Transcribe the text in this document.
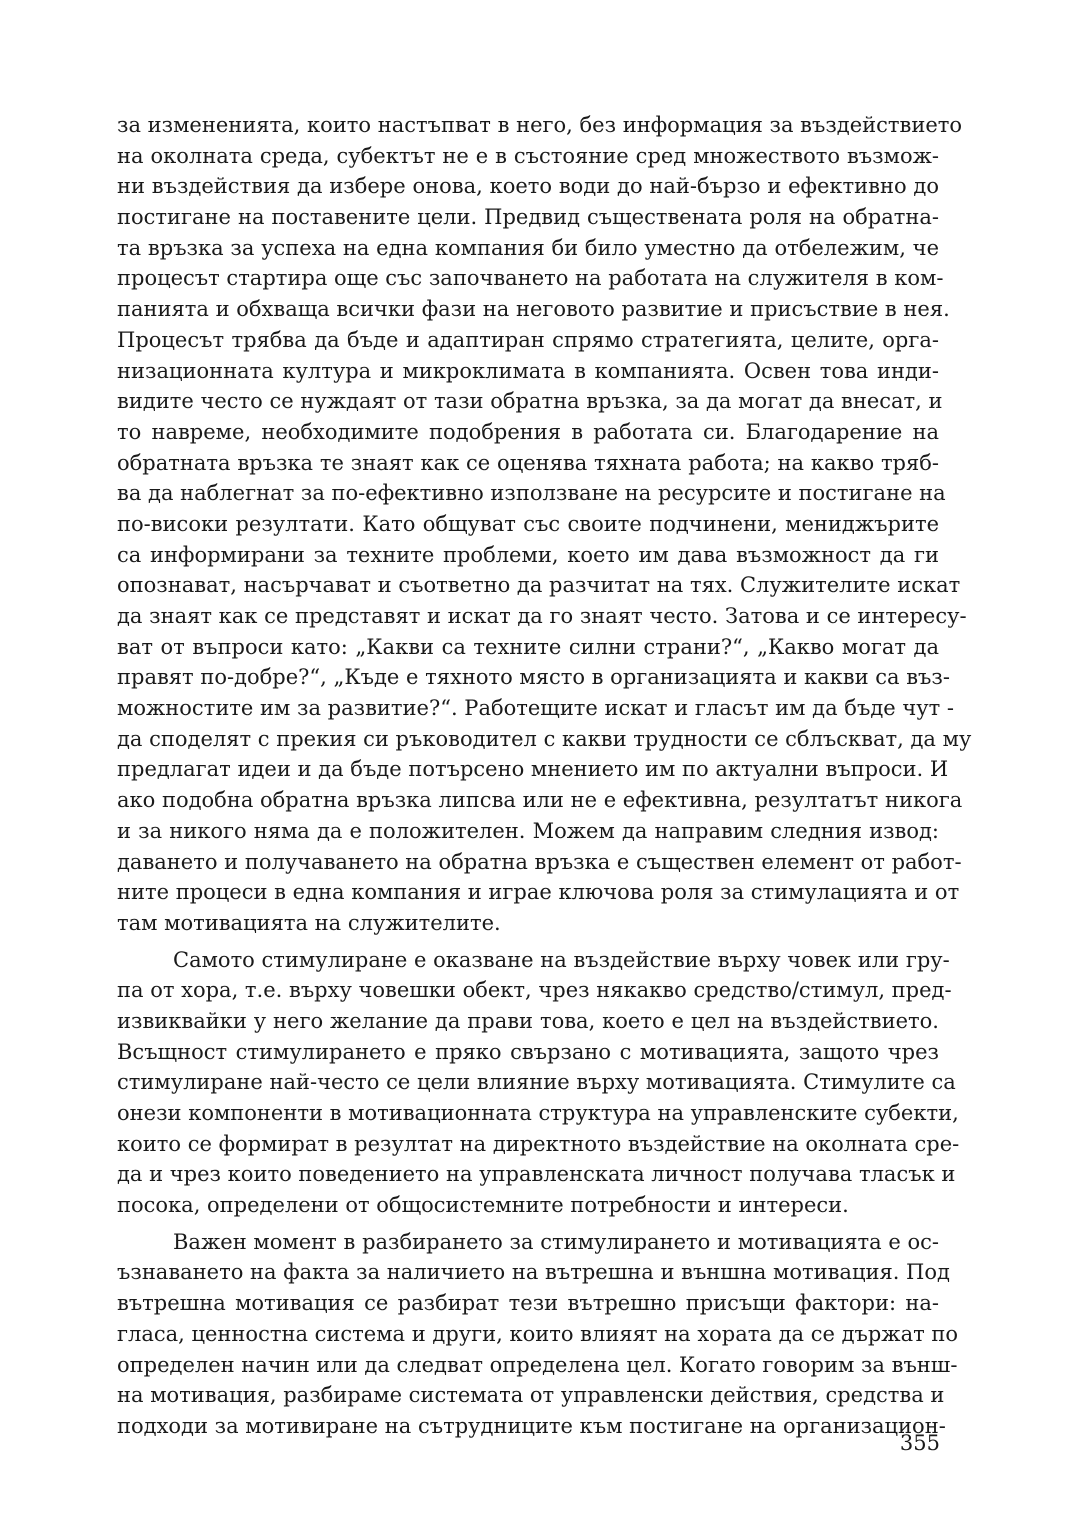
за измененията, които настъпват в него, без информация за въздействието
на околната среда, субектът не е в състояние сред множеството възмож-
ни въздействия да избере онова, което води до най-бързо и ефективно до
постигане на поставените цели. Предвид съществената роля на обратна-
та връзка за успеха на една компания би било уместно да отбележим, че
процесът стартира още със започването на работата на служителя в ком-
панията и обхваща всички фази на неговото развитие и присъствие в нея.
Процесът трябва да бъде и адаптиран спрямо стратегията, целите, орга-
низационната култура и микроклимата в компанията. Освен това инди-
видите често се нуждаят от тази обратна връзка, за да могат да внесат, и
то навреме, необходимите подобрения в работата си. Благодарение на
обратната връзка те знаят как се оценява тяхната работа; на какво тряб-
ва да наблегнат за по-ефективно използване на ресурсите и постигане на
по-високи резултати. Като общуват със своите подчинени, мениджърите
са информирани за техните проблеми, което им дава възможност да ги
опознават, насърчават и съответно да разчитат на тях. Служителите искат
да знаят как се представят и искат да го знаят често. Затова и се интересу-
ват от въпроси като: „Какви са техните силни страни?“, „Какво могат да
правят по-добре?“, „Къде е тяхното място в организацията и какви са въз-
можностите им за развитие?“. Работещите искат и гласът им да бъде чут -
да споделят с прекия си ръководител с какви трудности се сблъскват, да му
предлагат идеи и да бъде потърсено мнението им по актуални въпроси. И
ако подобна обратна връзка липсва или не е ефективна, резултатът никога
и за никого няма да е положителен. Можем да направим следния извод:
даването и получаването на обратна връзка е съществен елемент от работ-
ните процеси в една компания и играе ключова роля за стимулацията и от
там мотивацията на служителите.
Самото стимулиране е оказване на въздействие върху човек или гру-
па от хора, т.е. върху човешки обект, чрез някакво средство/стимул, пред-
извиквайки у него желание да прави това, което е цел на въздействието.
Всъщност стимулирането е пряко свързано с мотивацията, защото чрез
стимулиране най-често се цели влияние върху мотивацията. Стимулите са
онези компоненти в мотивационната структура на управленските субекти,
които се формират в резултат на директното въздействие на околната сре-
да и чрез които поведението на управленската личност получава тласък и
посока, определени от общосистемните потребности и интереси.
Важен момент в разбирането за стимулирането и мотивацията е ос-
ъзнаването на факта за наличието на вътрешна и външна мотивация. Под
вътрешна мотивация се разбират тези вътрешно присъщи фактори: на-
гласа, ценностна система и други, които влияят на хората да се държат по
определен начин или да следват определена цел. Когато говорим за външ-
на мотивация, разбираме системата от управленски действия, средства и
подходи за мотивиране на сътрудниците към постигане на организацион-
355
